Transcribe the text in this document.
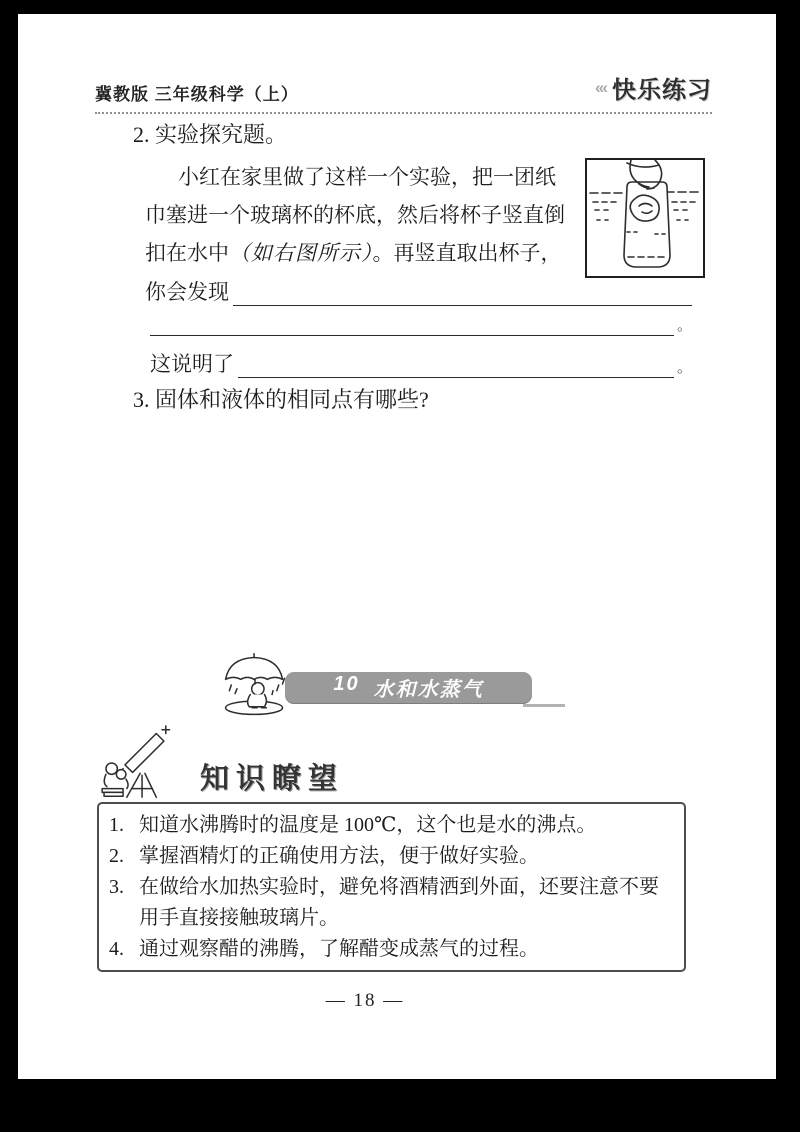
冀教版 三年级科学（上）	‹‹‹ 快乐练习
2. 实验探究题。
小红在家里做了这样一个实验，把一团纸
巾塞进一个玻璃杯的杯底，然后将杯子竖直倒
扣在水中（如右图所示）。再竖直取出杯子，
你会发现
。
这说明了	。
3. 固体和液体的相同点有哪些?
10 水和水蒸气
知识瞭望
1. 知道水沸腾时的温度是 100℃，这个也是水的沸点。
2. 掌握酒精灯的正确使用方法，便于做好实验。
3. 在做给水加热实验时，避免将酒精洒到外面，还要注意不要用手直接接触玻璃片。
4. 通过观察醋的沸腾，了解醋变成蒸气的过程。
— 18 —
